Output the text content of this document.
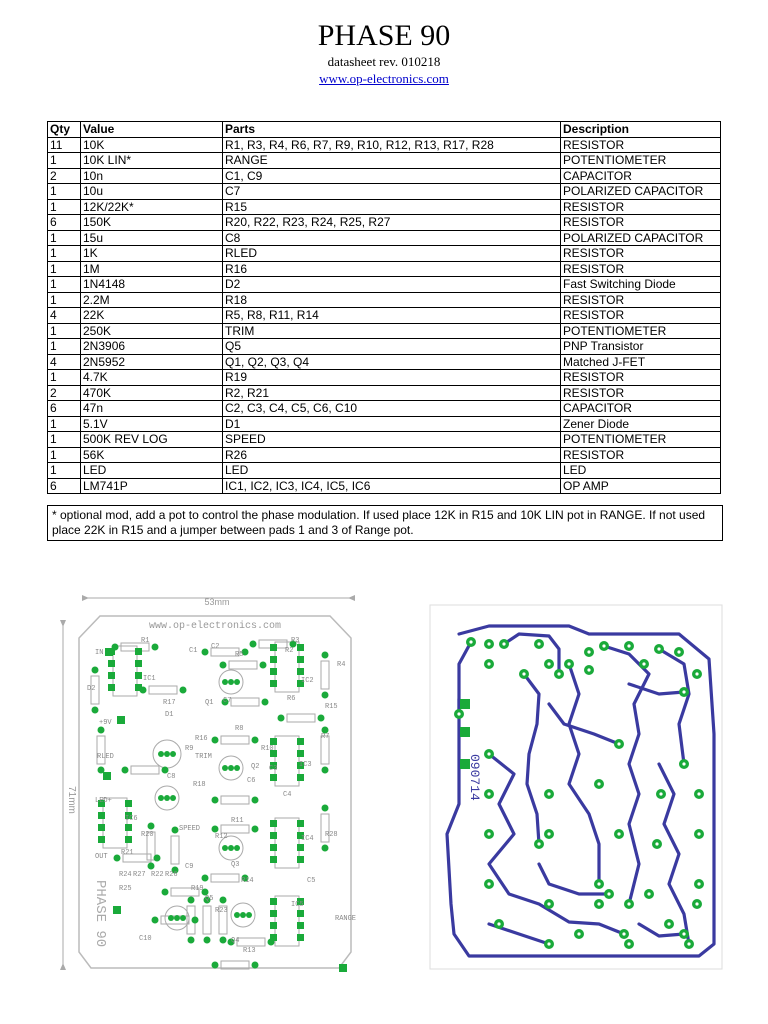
PHASE 90
datasheet rev. 010218
www.op-electronics.com
Qty	Value	Parts	Description
11	10K	R1, R3, R4, R6, R7, R9, R10, R12, R13, R17, R28	RESISTOR
1	10K LIN*	RANGE	POTENTIOMETER
2	10n	C1, C9	CAPACITOR
1	10u	C7	POLARIZED CAPACITOR
1	12K/22K*	R15	RESISTOR
6	150K	R20, R22, R23, R24, R25, R27	RESISTOR
1	15u	C8	POLARIZED CAPACITOR
1	1K	RLED	RESISTOR
1	1M	R16	RESISTOR
1	1N4148	D2	Fast Switching Diode
1	2.2M	R18	RESISTOR
4	22K	R5, R8, R11, R14	RESISTOR
1	250K	TRIM	POTENTIOMETER
1	2N3906	Q5	PNP Transistor
4	2N5952	Q1, Q2, Q3, Q4	Matched J-FET
1	4.7K	R19	RESISTOR
2	470K	R2, R21	RESISTOR
6	47n	C2, C3, C4, C5, C6, C10	CAPACITOR
1	5.1V	D1	Zener Diode
1	500K REV LOG	SPEED	POTENTIOMETER
1	56K	R26	RESISTOR
1	LED	LED	LED
6	LM741P	IC1, IC2, IC3, IC4, IC5, IC6	OP AMP
* optional mod, add a pot to control the phase modulation. If used place 12K in R15 and 10K LIN pot in RANGE. If not used place 22K in R15 and a jumper between pads 1 and 3 of Range pot.
53mm
71mm
www.op-electronics.com
PHASE 90
IN
R1
C1 C2
R3
R2
R4
R5
IC1	IC2
D2
R17	R6
C7
Q1
D1
R15
+9V
R16
TRIM
R8
R7
R9	R10
C3
Q2
C8
IC3
C6
RLED
R18
C4
LED+
IC6
R20
SPEED
R11
IC4 R28
R12
Q3
R21
C9
R14	C5
OUT
R19
R24 R27 R22 R26
R25
Q5
R23
IC5
Q4
C10
R13
RANGE
090714
